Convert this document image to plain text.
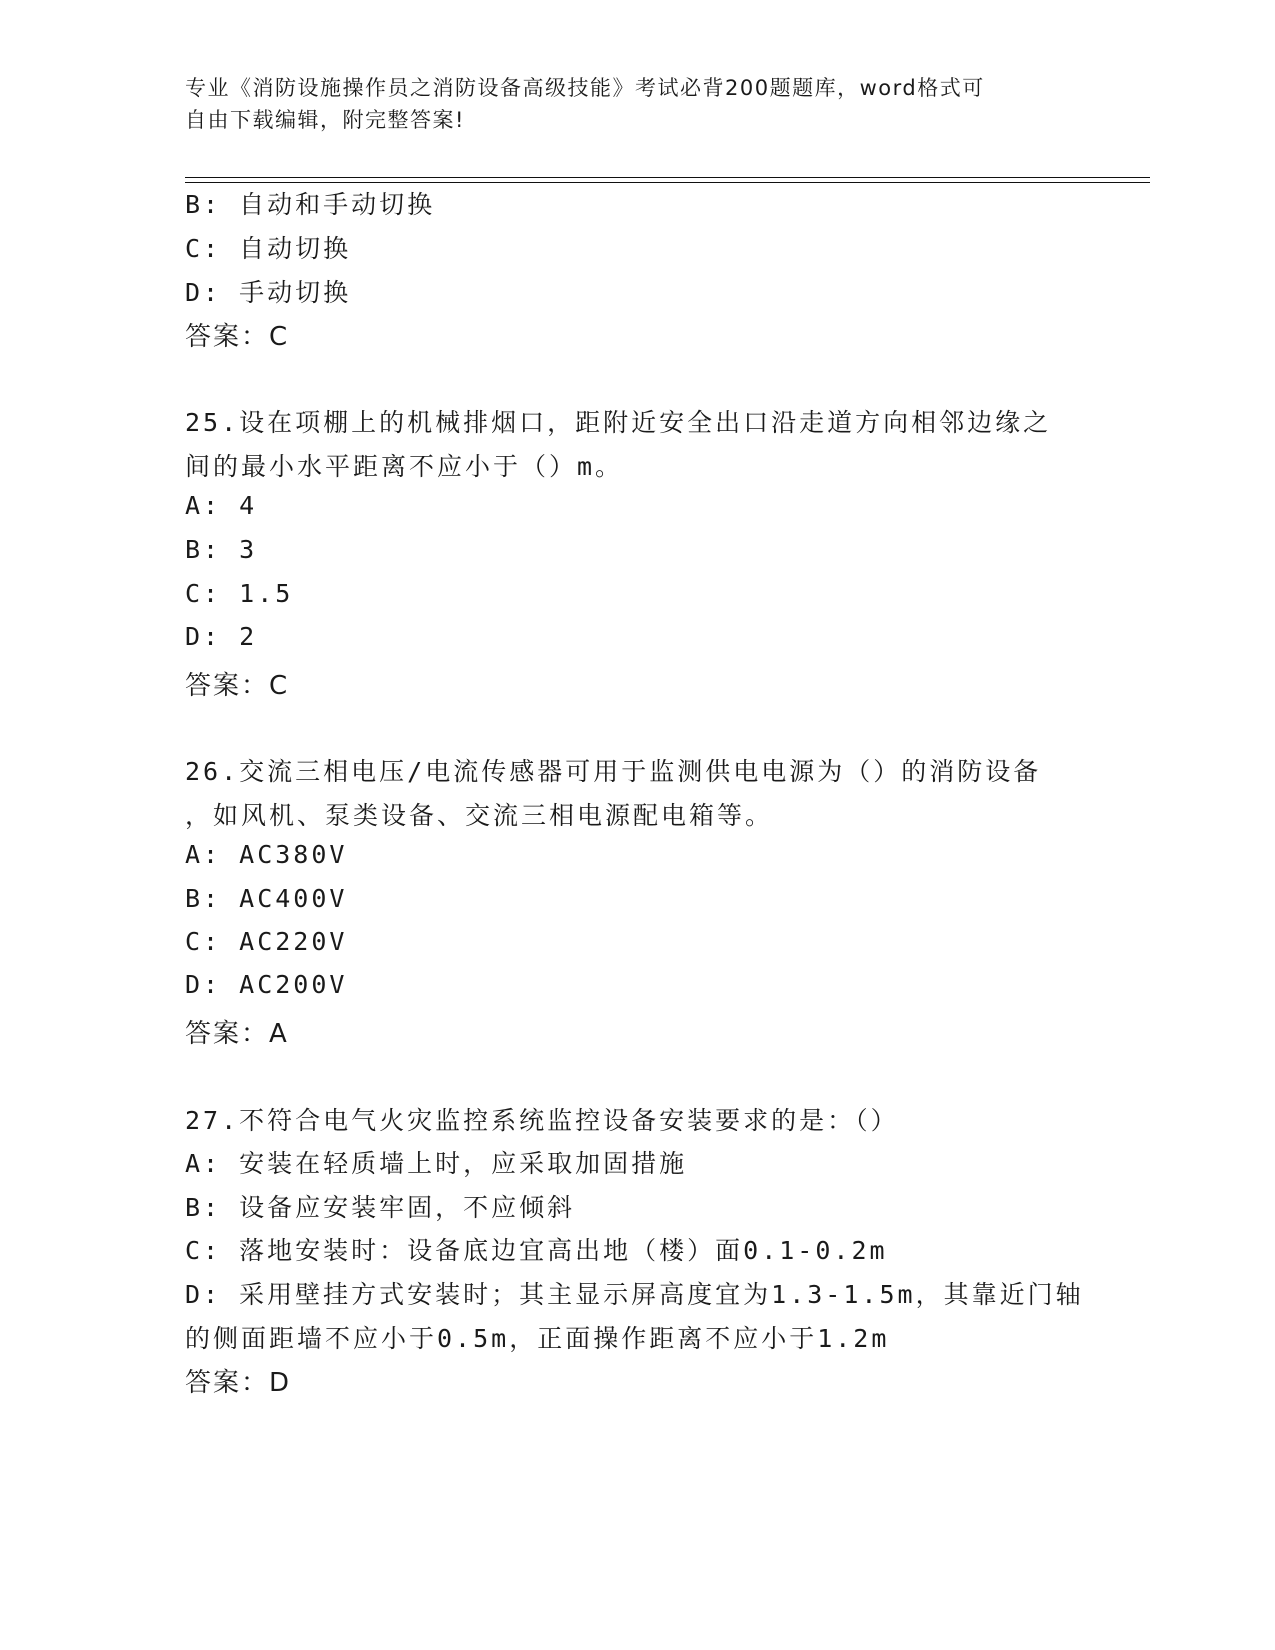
专业《消防设施操作员之消防设备高级技能》考试必背200题题库，word格式可
自由下载编辑，附完整答案!
B: 自动和手动切换
C: 自动切换
D: 手动切换
答案：C
25.设在项棚上的机械排烟口，距附近安全出口沿走道方向相邻边缘之
间的最小水平距离不应小于（）m。
A: 4
B: 3
C: 1.5
D: 2
答案：C
26.交流三相电压/电流传感器可用于监测供电电源为（）的消防设备
，如风机、泵类设备、交流三相电源配电箱等。
A: AC380V
B: AC400V
C: AC220V
D: AC200V
答案：A
27.不符合电气火灾监控系统监控设备安装要求的是：（）
A: 安装在轻质墙上时，应采取加固措施
B: 设备应安装牢固，不应倾斜
C: 落地安装时：设备底边宜高出地（楼）面0.1-0.2m
D: 采用壁挂方式安装时；其主显示屏高度宜为1.3-1.5m，其靠近门轴
的侧面距墙不应小于0.5m，正面操作距离不应小于1.2m
答案：D
